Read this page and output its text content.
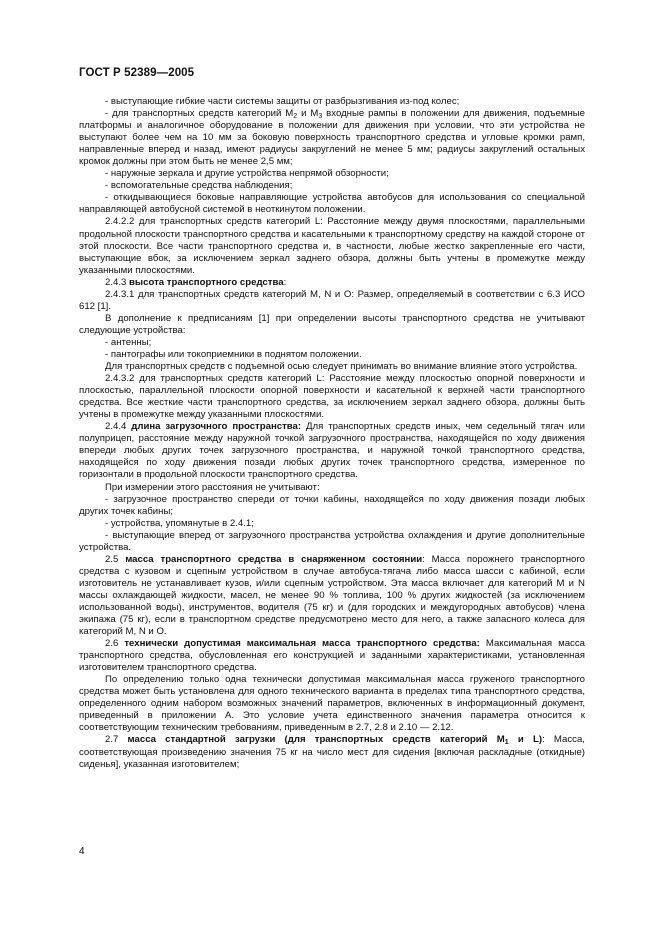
ГОСТ Р 52389—2005

- выступающие гибкие части системы защиты от разбрызгивания из-под колес;

- для транспортных средств категорий $M_2$ и $M_3$ входные рампы в положении для движения, подъемные платформы и аналогичное оборудование в положении для движения при условии, что эти устройства не выступают более чем на 10 мм за боковую поверхность транспортного средства и угловые кромки рамп, направленные вперед и назад, имеют радиусы закруглений не менее 5 мм; радиусы закруглений остальных кромок должны при этом быть не менее 2,5 мм;

- наружные зеркала и другие устройства непрямой обзорности;

- вспомогательные средства наблюдения;

- откидывающиеся боковые направляющие устройства автобусов для использования со специальной направляющей автобусной системой в неоткинутом положении.

2.4.2.2 для транспортных средств категорий L: Расстояние между двумя плоскостями, параллельными продольной плоскости транспортного средства и касательными к транспортному средству на каждой стороне от этой плоскости. Все части транспортного средства и, в частности, любые жестко закрепленные его части, выступающие вбок, за исключением зеркал заднего обзора, должны быть учтены в промежутке между указанными плоскостями.

2.4.3 высота транспортного средства:

2.4.3.1 для транспортных средств категорий M, N и O: Размер, определяемый в соответствии с 6.3 ИСО 612 [1].

В дополнение к предписаниям [1] при определении высоты транспортного средства не учитывают следующие устройства:

- антенны;

- пантографы или токоприемники в поднятом положении.

Для транспортных средств с подъемной осью следует принимать во внимание влияние этого устройства.

2.4.3.2 для транспортных средств категорий L: Расстояние между плоскостью опорной поверхности и плоскостью, параллельной плоскости опорной поверхности и касательной к верхней части транспортного средства. Все жесткие части транспортного средства, за исключением зеркал заднего обзора, должны быть учтены в промежутке между указанными плоскостями.

2.4.4 длина загрузочного пространства: Для транспортных средств иных, чем седельный тягач или полуприцеп, расстояние между наружной точкой загрузочного пространства, находящейся по ходу движения впереди любых других точек загрузочного пространства, и наружной точкой транспортного средства, находящейся по ходу движения позади любых других точек транспортного средства, измеренное по горизонтали в продольной плоскости транспортного средства.

При измерении этого расстояния не учитывают:

- загрузочное пространство спереди от точки кабины, находящейся по ходу движения позади любых других точек кабины;

- устройства, упомянутые в 2.4.1;

- выступающие вперед от загрузочного пространства устройства охлаждения и другие дополнительные устройства.

2.5 масса транспортного средства в снаряженном состоянии: Масса порожнего транспортного средства с кузовом и сцепным устройством в случае автобуса-тягача либо масса шасси с кабиной, если изготовитель не устанавливает кузов, и/или сцепным устройством. Эта масса включает для категорий M и N массы охлаждающей жидкости, масел, не менее 90 % топлива, 100 % других жидкостей (за исключением использованной воды), инструментов, водителя (75 кг) и (для городских и междугородных автобусов) члена экипажа (75 кг), если в транспортном средстве предусмотрено место для него, а также запасного колеса для категорий M, N и O.

2.6 технически допустимая максимальная масса транспортного средства: Максимальная масса транспортного средства, обусловленная его конструкцией и заданными характеристиками, установленная изготовителем транспортного средства.

По определению только одна технически допустимая максимальная масса груженого транспортного средства может быть установлена для одного технического варианта в пределах типа транспортного средства, определенного одним набором возможных значений параметров, включенных в информационный документ, приведенный в приложении А. Это условие учета единственного значения параметра относится к соответствующим техническим требованиям, приведенным в 2.7, 2.8 и 2.10 — 2.12.

2.7 масса стандартной загрузки (для транспортных средств категорий $M_1$ и L): Масса, соответствующая произведению значения 75 кг на число мест для сидения [включая раскладные (откидные) сиденья], указанная изготовителем;

4
